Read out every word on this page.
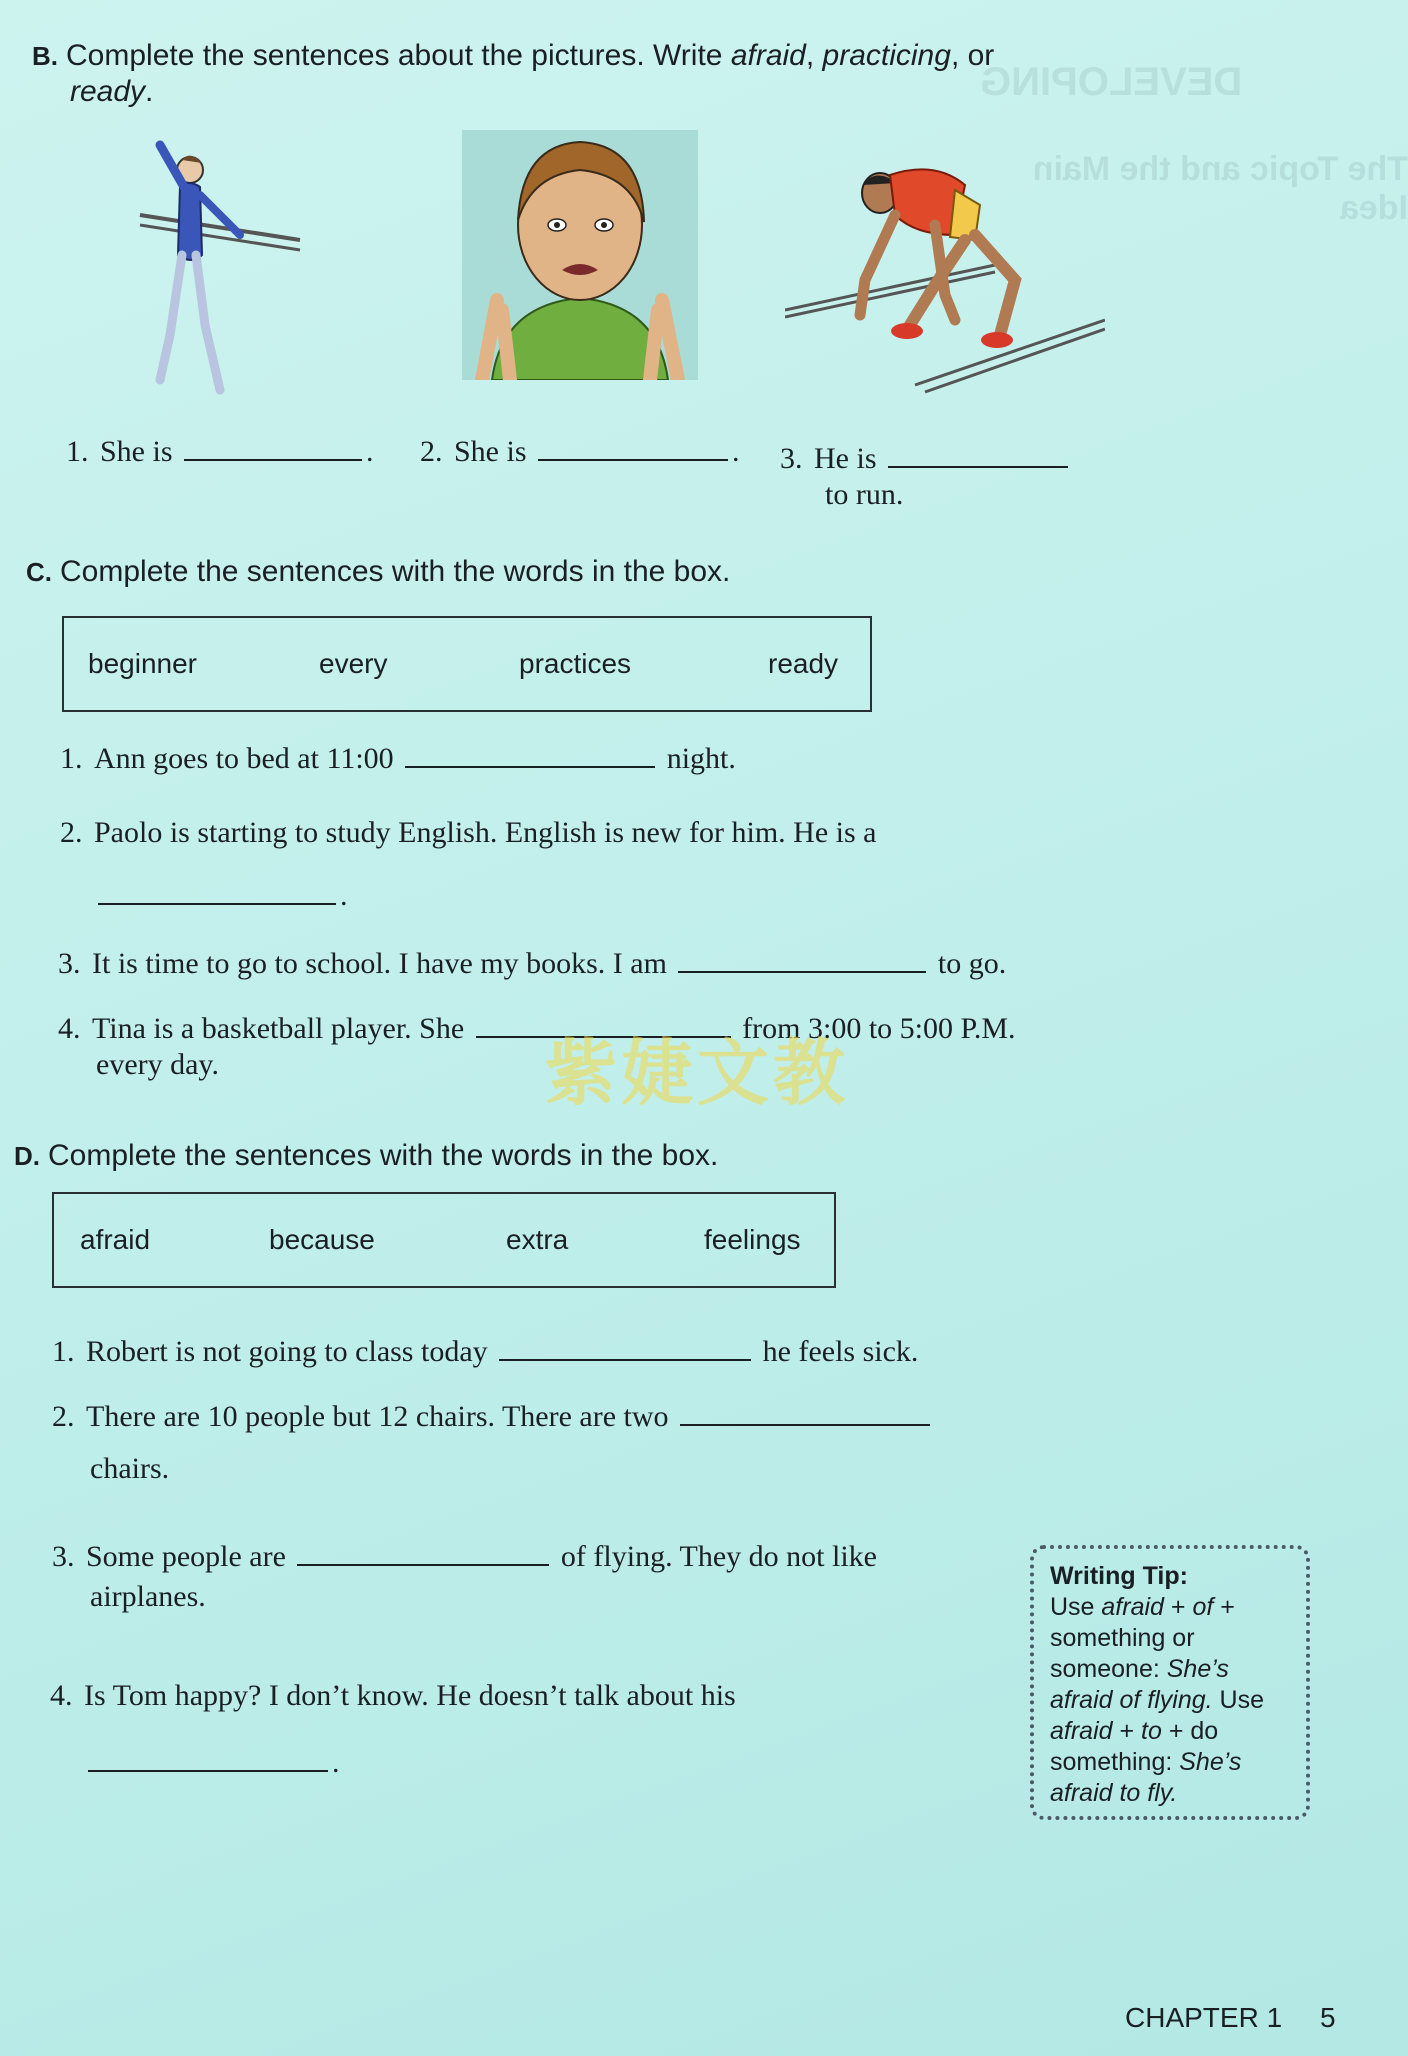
DEVELOPING
The Topic and the Main Idea
B. Complete the sentences about the pictures. Write afraid, practicing, or
ready.
1. She is	. 2. She is	. 3. He is
to run.
C. Complete the sentences with the words in the box.
beginner	every	practices	ready
1. Ann goes to bed at 11:00	night.
2. Paolo is starting to study English. English is new for him. He is a
.
3. It is time to go to school. I have my books. I am	to go.
4. Tina is a basketball player. She	from 3:00 to 5:00 P.M.
every day.
D. Complete the sentences with the words in the box.
afraid	because	extra	feelings
1. Robert is not going to class today	he feels sick.
2. There are 10 people but 12 chairs. There are two
chairs.
3. Some people are	of flying. They do not like
airplanes.
4. Is Tom happy? I don’t know. He doesn’t talk about his
.
Writing Tip:
Use afraid + of + something or someone: She’s afraid of flying. Use afraid + to + do something: She’s afraid to fly.
紫婕文教
CHAPTER 1 5
